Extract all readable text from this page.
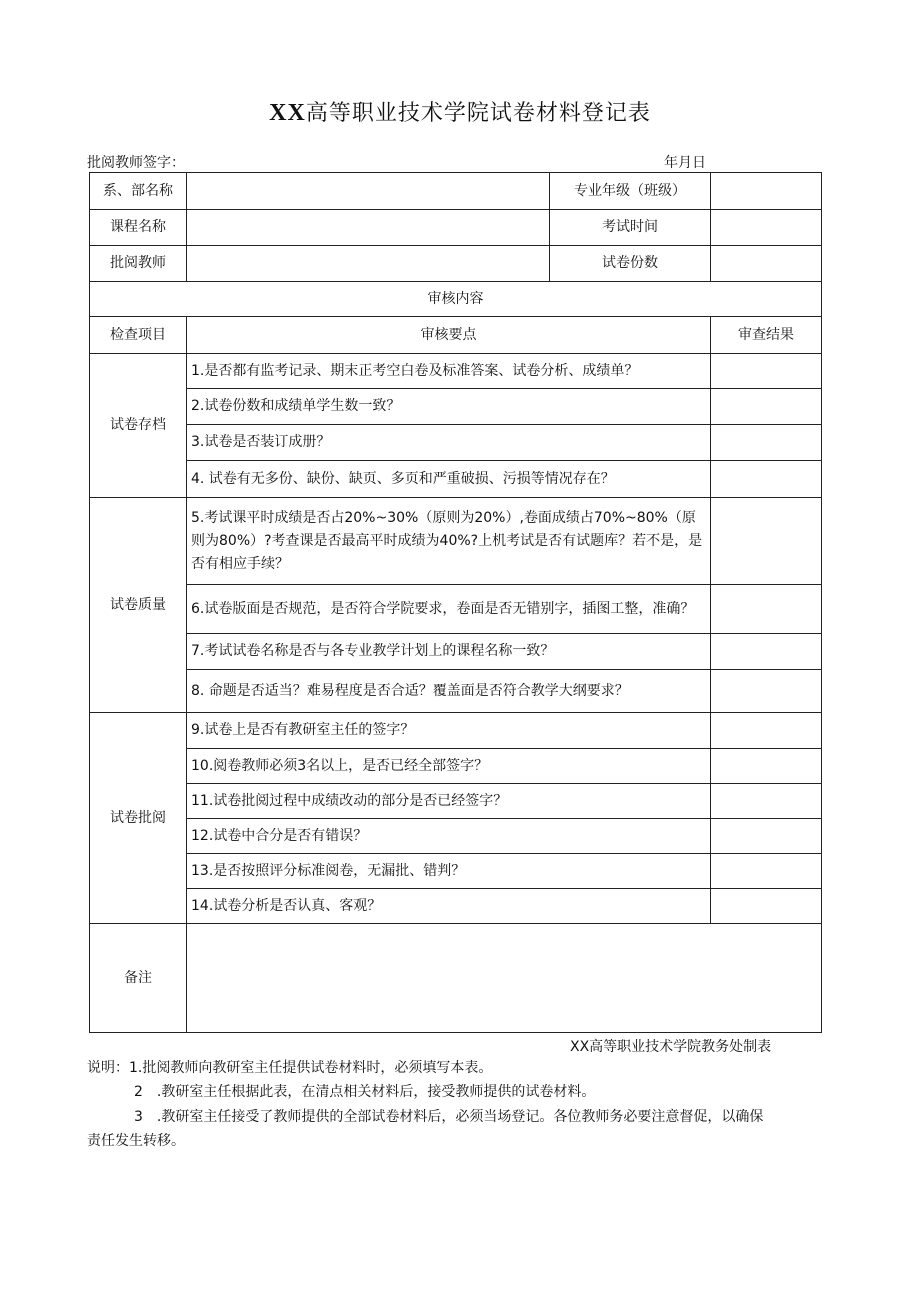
XX高等职业技术学院试卷材料登记表
批阅教师签字：	年月日
系、部名称		专业年级（班级）	
课程名称		考试时间	
批阅教师		试卷份数	
审核内容			
检查项目	审核要点		审查结果
试卷存档	1.是否都有监考记录、期末正考空白卷及标准答案、试卷分析、成绩单？		
	2.试卷份数和成绩单学生数一致？		
	3.试卷是否装订成册？		
	4. 试卷有无多份、缺份、缺页、多页和严重破损、污损等情况存在？		
试卷质量	5.考试课平时成绩是否占20%~30%（原则为20%）,卷面成绩占70%~80%（原则为80%）?考查课是否最高平时成绩为40%?上机考试是否有试题库？若不是，是否有相应手续？		
	6.试卷版面是否规范，是否符合学院要求，卷面是否无错别字，插图工整，准确？		
	7.考试试卷名称是否与各专业教学计划上的课程名称一致？		
	8. 命题是否适当？难易程度是否合适？覆盖面是否符合教学大纲要求？		
试卷批阅	9.试卷上是否有教研室主任的签字？		
	10.阅卷教师必须3名以上，是否已经全部签字？		
	11.试卷批阅过程中成绩改动的部分是否已经签字？		
	12.试卷中合分是否有错误？		
	13.是否按照评分标准阅卷，无漏批、错判？		
	14.试卷分析是否认真、客观？		
备注			
XX高等职业技术学院教务处制表
说明：1.批阅教师向教研室主任提供试卷材料时，必须填写本表。
2　.教研室主任根据此表，在清点相关材料后，接受教师提供的试卷材料。
3　.教研室主任接受了教师提供的全部试卷材料后，必须当场登记。各位教师务必要注意督促，以确保
责任发生转移。
